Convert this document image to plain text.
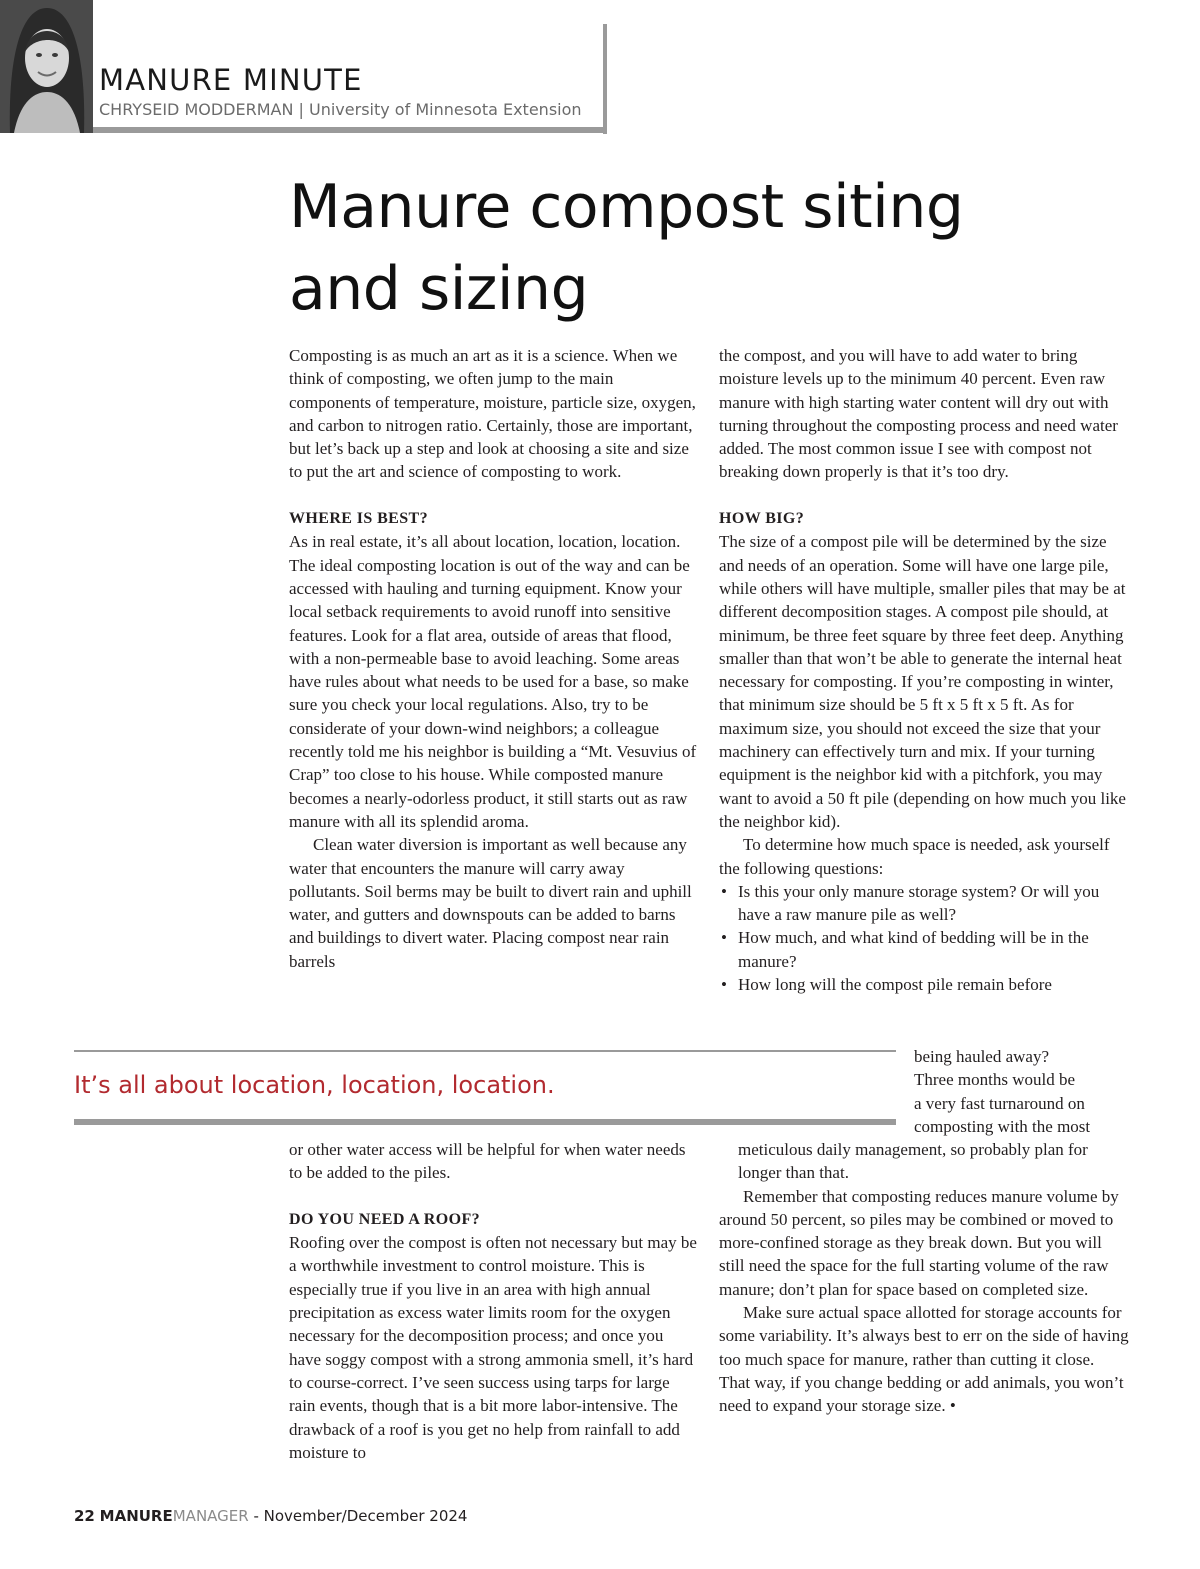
MANURE MINUTE
CHRYSEID MODDERMAN | University of Minnesota Extension
Manure compost siting
and sizing

Composting is as much an art as it is a science. When we think of composting, we often jump to the main components of temperature, moisture, particle size, oxygen, and carbon to nitrogen ratio. Certainly, those are important, but let’s back up a step and look at choosing a site and size to put the art and science of composting to work.

WHERE IS BEST?

As in real estate, it’s all about location, location, location. The ideal composting location is out of the way and can be accessed with hauling and turning equipment. Know your local setback requirements to avoid runoff into sensitive features. Look for a flat area, outside of areas that flood, with a non-permeable base to avoid leaching. Some areas have rules about what needs to be used for a base, so make sure you check your local regulations. Also, try to be considerate of your down-wind neighbors; a colleague recently told me his neighbor is building a “Mt. Vesuvius of Crap” too close to his house. While composted manure becomes a nearly-odorless product, it still starts out as raw manure with all its splendid aroma.

Clean water diversion is important as well because any water that encounters the manure will carry away pollutants. Soil berms may be built to divert rain and uphill water, and gutters and downspouts can be added to barns and buildings to divert water. Placing compost near rain barrels

the compost, and you will have to add water to bring moisture levels up to the minimum 40 percent. Even raw manure with high starting water content will dry out with turning throughout the composting process and need water added. The most common issue I see with compost not breaking down properly is that it’s too dry.

HOW BIG?

The size of a compost pile will be determined by the size and needs of an operation. Some will have one large pile, while others will have multiple, smaller piles that may be at different decomposition stages. A compost pile should, at minimum, be three feet square by three feet deep. Anything smaller than that won’t be able to generate the internal heat necessary for composting. If you’re composting in winter, that minimum size should be 5 ft x 5 ft x 5 ft. As for maximum size, you should not exceed the size that your machinery can effectively turn and mix. If your turning equipment is the neighbor kid with a pitchfork, you may want to avoid a 50 ft pile (depending on how much you like the neighbor kid).

To determine how much space is needed, ask yourself the following questions:

• Is this your only manure storage system? Or will you have a raw manure pile as well?
• How much, and what kind of bedding will be in the manure?
• How long will the compost pile remain before
being hauled away?
Three months would be
a very fast turnaround on
composting with the most
It’s all about location, location, location.

or other water access will be helpful for when water needs to be added to the piles.

DO YOU NEED A ROOF?

Roofing over the compost is often not necessary but may be a worthwhile investment to control moisture. This is especially true if you live in an area with high annual precipitation as excess water limits room for the oxygen necessary for the decomposition process; and once you have soggy compost with a strong ammonia smell, it’s hard to course-correct. I’ve seen success using tarps for large rain events, though that is a bit more labor-intensive. The drawback of a roof is you get no help from rainfall to add moisture to

meticulous daily management, so probably plan for longer than that.

Remember that composting reduces manure volume by around 50 percent, so piles may be combined or moved to more-confined storage as they break down. But you will still need the space for the full starting volume of the raw manure; don’t plan for space based on completed size.

Make sure actual space allotted for storage accounts for some variability. It’s always best to err on the side of having too much space for manure, rather than cutting it close. That way, if you change bedding or add animals, you won’t need to expand your storage size. •

22 MANUREMANAGER - November/December 2024
